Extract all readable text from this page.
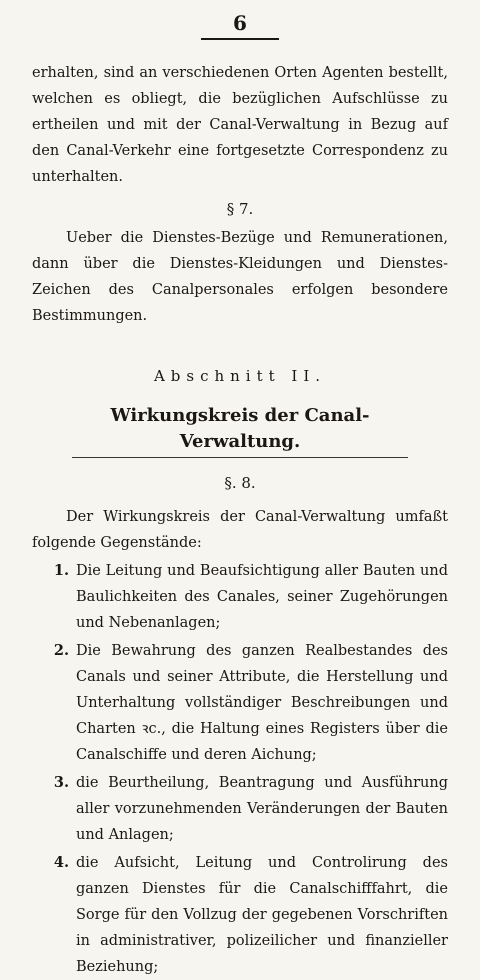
6

erhalten, sind an verschiedenen Orten Agenten bestellt, welchen es obliegt, die bezüglichen Aufschlüsse zu ertheilen und mit der Canal-Verwaltung in Bezug auf den Canal-Verkehr eine fortgesetzte Correspondenz zu unterhalten.

§ 7.

Ueber die Dienstes-Bezüge und Remunerationen, dann über die Dienstes-Kleidungen und Dienstes-Zeichen des Canalpersonales erfolgen besondere Bestimmungen.

Abschnitt II.
Wirkungskreis der Canal-Verwaltung.
§. 8.

Der Wirkungskreis der Canal-Verwaltung umfaßt folgende Gegenstände:

1. Die Leitung und Beaufsichtigung aller Bauten und Baulichkeiten des Canales, seiner Zugehörungen und Nebenanlagen;
2. Die Bewahrung des ganzen Realbestandes des Canals und seiner Attribute, die Herstellung und Unterhaltung vollständiger Beschreibungen und Charten ꝛc., die Haltung eines Registers über die Canalschiffe und deren Aichung;
3. die Beurtheilung, Beantragung und Ausführung aller vorzunehmenden Veränderungen der Bauten und Anlagen;
4. die Aufsicht, Leitung und Controlirung des ganzen Dienstes für die Canalschifffahrt, die Sorge für den Vollzug der gegebenen Vorschriften in administrativer, polizeilicher und finanzieller Beziehung;
